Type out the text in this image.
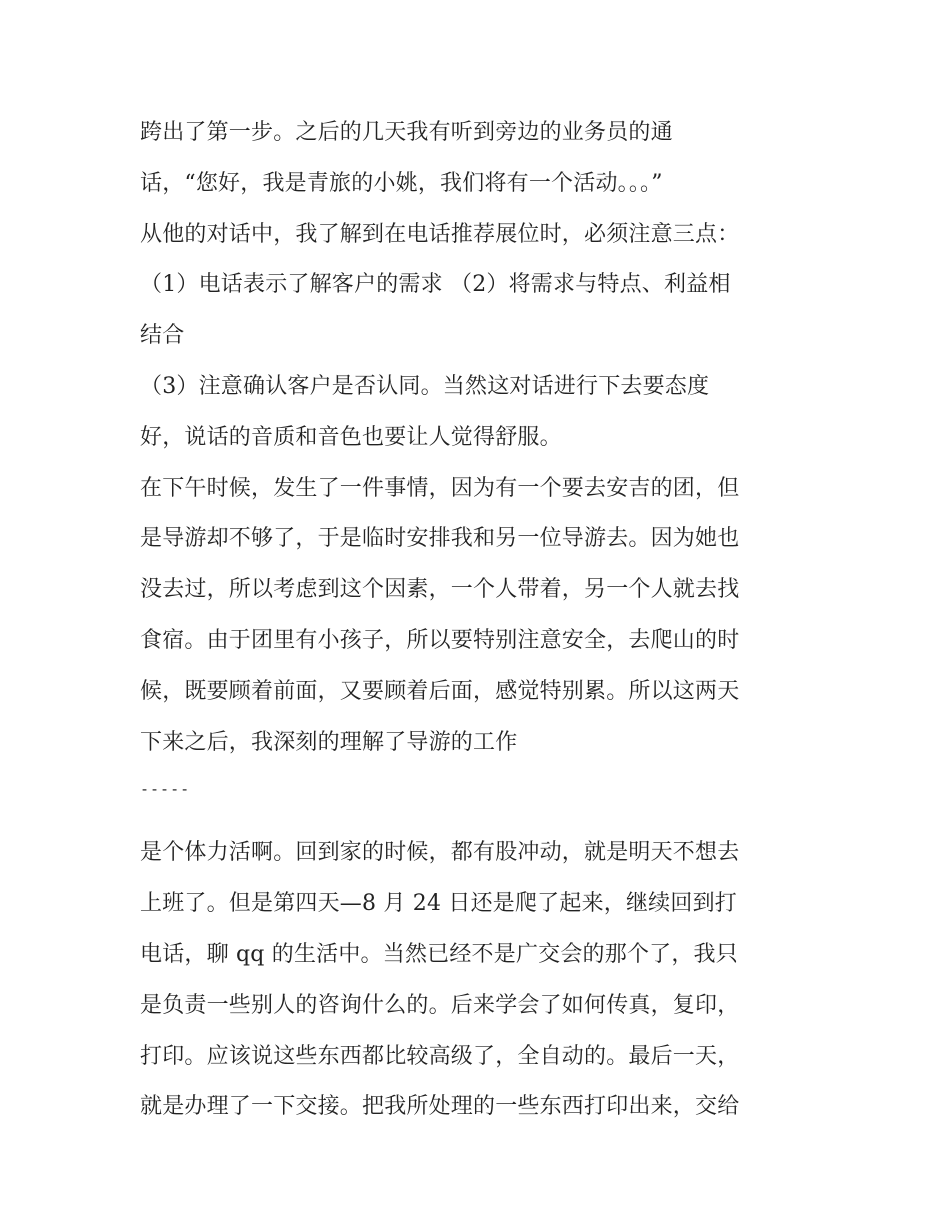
跨出了第一步。之后的几天我有听到旁边的业务员的通
话，“您好，我是青旅的小姚，我们将有一个活动。。。”
从他的对话中，我了解到在电话推荐展位时，必须注意三点：
（1）电话表示了解客户的需求 （2）将需求与特点、利益相
结合
（3）注意确认客户是否认同。当然这对话进行下去要态度
好，说话的音质和音色也要让人觉得舒服。
在下午时候，发生了一件事情，因为有一个要去安吉的团，但
是导游却不够了，于是临时安排我和另一位导游去。因为她也
没去过，所以考虑到这个因素，一个人带着，另一个人就去找
食宿。由于团里有小孩子，所以要特别注意安全，去爬山的时
候，既要顾着前面，又要顾着后面，感觉特别累。所以这两天
下来之后，我深刻的理解了导游的工作
-----
是个体力活啊。回到家的时候，都有股冲动，就是明天不想去
上班了。但是第四天—8 月 24 日还是爬了起来，继续回到打
电话，聊 qq 的生活中。当然已经不是广交会的那个了，我只
是负责一些别人的咨询什么的。后来学会了如何传真，复印，
打印。应该说这些东西都比较高级了，全自动的。最后一天，
就是办理了一下交接。把我所处理的一些东西打印出来，交给
